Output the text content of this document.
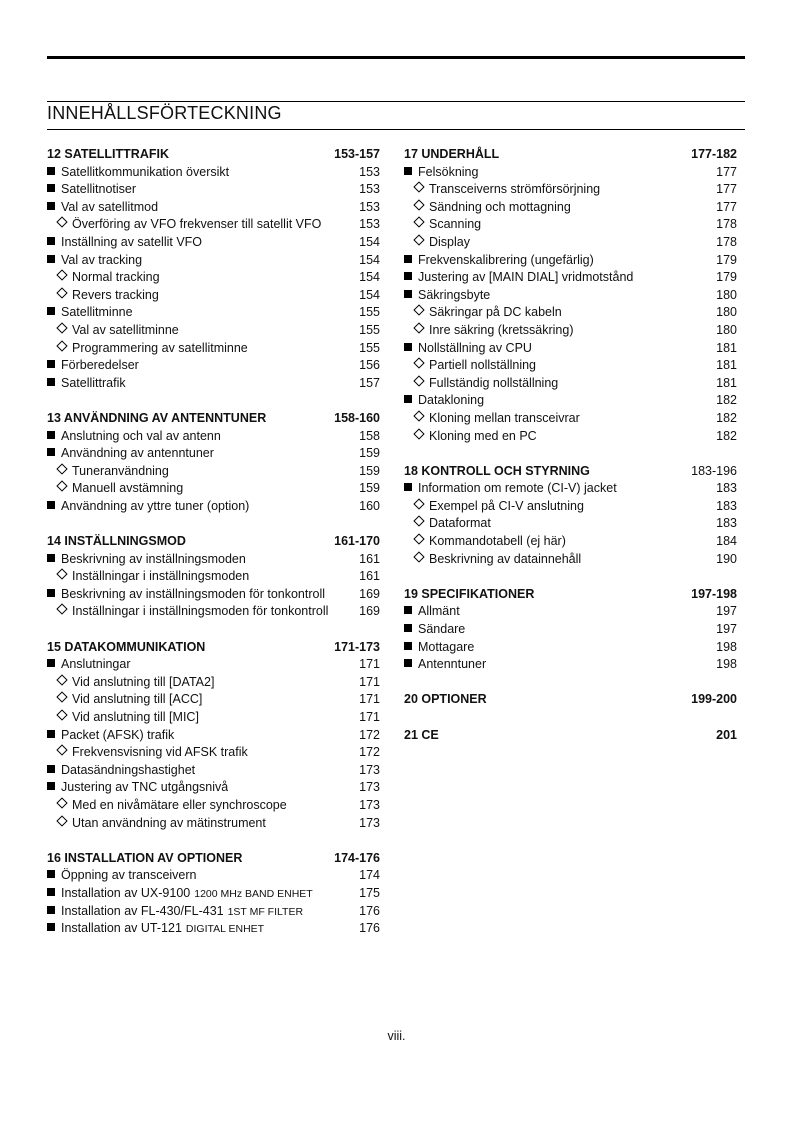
INNEHÅLLSFÖRTECKNING
12 SATELLITTRAFIK	153-157
Satellitkommunikation översikt	153
Satellitnotiser	153
Val av satellitmod	153
Överföring av VFO frekvenser till satellit VFO	153
Inställning av satellit VFO	154
Val av tracking	154
Normal tracking	154
Revers tracking	154
Satellitminne	155
Val av satellitminne	155
Programmering av satellitminne	155
Förberedelser	156
Satellittrafik	157
13 ANVÄNDNING AV ANTENNTUNER	158-160
Anslutning och val av antenn	158
Användning av antenntuner	159
Tuneranvändning	159
Manuell avstämning	159
Användning av yttre tuner (option)	160
14 INSTÄLLNINGSMOD	161-170
Beskrivning av inställningsmoden	161
Inställningar i inställningsmoden	161
Beskrivning av inställningsmoden för tonkontroll	169
Inställningar i inställningsmoden för tonkontroll	169
15 DATAKOMMUNIKATION	171-173
Anslutningar	171
Vid anslutning till [DATA2]	171
Vid anslutning till [ACC]	171
Vid anslutning till [MIC]	171
Packet (AFSK) trafik	172
Frekvensvisning vid AFSK trafik	172
Datasändningshastighet	173
Justering av TNC utgångsnivå	173
Med en nivåmätare eller synchroscope	173
Utan användning av mätinstrument	173
16 INSTALLATION AV OPTIONER	174-176
Öppning av transceivern	174
Installation av UX-9100 1200 MHz BAND ENHET	175
Installation av FL-430/FL-431 1ST MF FILTER	176
Installation av UT-121 DIGITAL ENHET	176
17 UNDERHÅLL	177-182
Felsökning	177
Transceiverns strömförsörjning	177
Sändning och mottagning	177
Scanning	178
Display	178
Frekvenskalibrering (ungefärlig)	179
Justering av [MAIN DIAL] vridmotstånd	179
Säkringsbyte	180
Säkringar på DC kabeln	180
Inre säkring (kretssäkring)	180
Nollställning av CPU	181
Partiell nollställning	181
Fullständig nollställning	181
Datakloning	182
Kloning mellan transceivrar	182
Kloning med en PC	182
18 KONTROLL OCH STYRNING	183-196
Information om remote (CI-V) jacket	183
Exempel på CI-V anslutning	183
Dataformat	183
Kommandotabell (ej här)	184
Beskrivning av datainnehåll	190
19 SPECIFIKATIONER	197-198
Allmänt	197
Sändare	197
Mottagare	198
Antenntuner	198
20 OPTIONER	199-200
21 CE	201
viii.
